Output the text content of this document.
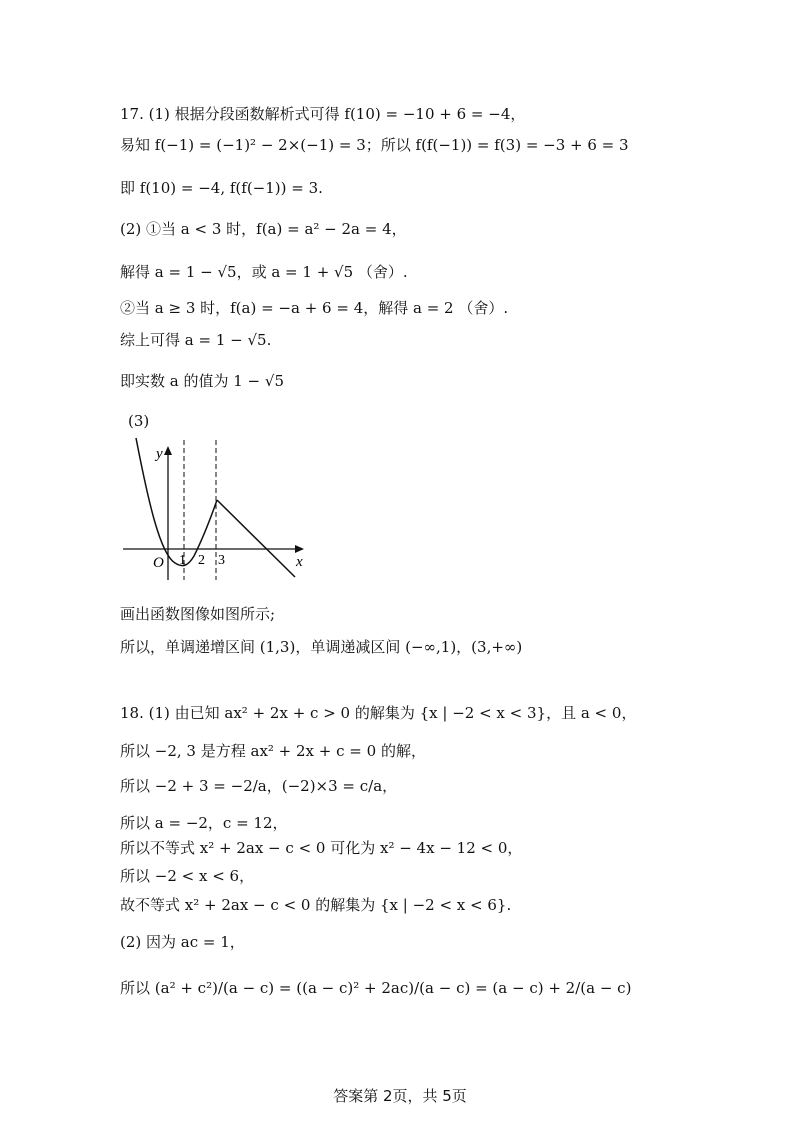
17. (1) 根据分段函数解析式可得 f(10) = −10 + 6 = −4，
易知 f(−1) = (−1)² − 2×(−1) = 3；所以 f(f(−1)) = f(3) = −3 + 6 = 3
即 f(10) = −4, f(f(−1)) = 3.
(2) ①当 a < 3 时，f(a) = a² − 2a = 4，
解得 a = 1 − √5，或 a = 1 + √5 （舍）.
②当 a ≥ 3 时，f(a) = −a + 6 = 4，解得 a = 2 （舍）.
综上可得 a = 1 − √5.
即实数 a 的值为 1 − √5
(3)
y
x
O 1 2 3
画出函数图像如图所示;
所以，单调递增区间 (1,3)，单调递减区间 (−∞,1)，(3,+∞)
18. (1) 由已知 ax² + 2x + c > 0 的解集为 {x | −2 < x < 3}，且 a < 0，
所以 −2, 3 是方程 ax² + 2x + c = 0 的解，
所以 −2 + 3 = −2/a，(−2)×3 = c/a，
所以 a = −2，c = 12，
所以不等式 x² + 2ax − c < 0 可化为 x² − 4x − 12 < 0，
所以 −2 < x < 6，
故不等式 x² + 2ax − c < 0 的解集为 {x | −2 < x < 6}.
(2) 因为 ac = 1，
所以 (a² + c²)/(a − c) = ((a − c)² + 2ac)/(a − c) = (a − c) + 2/(a − c)
答案第 2页，共 5页
